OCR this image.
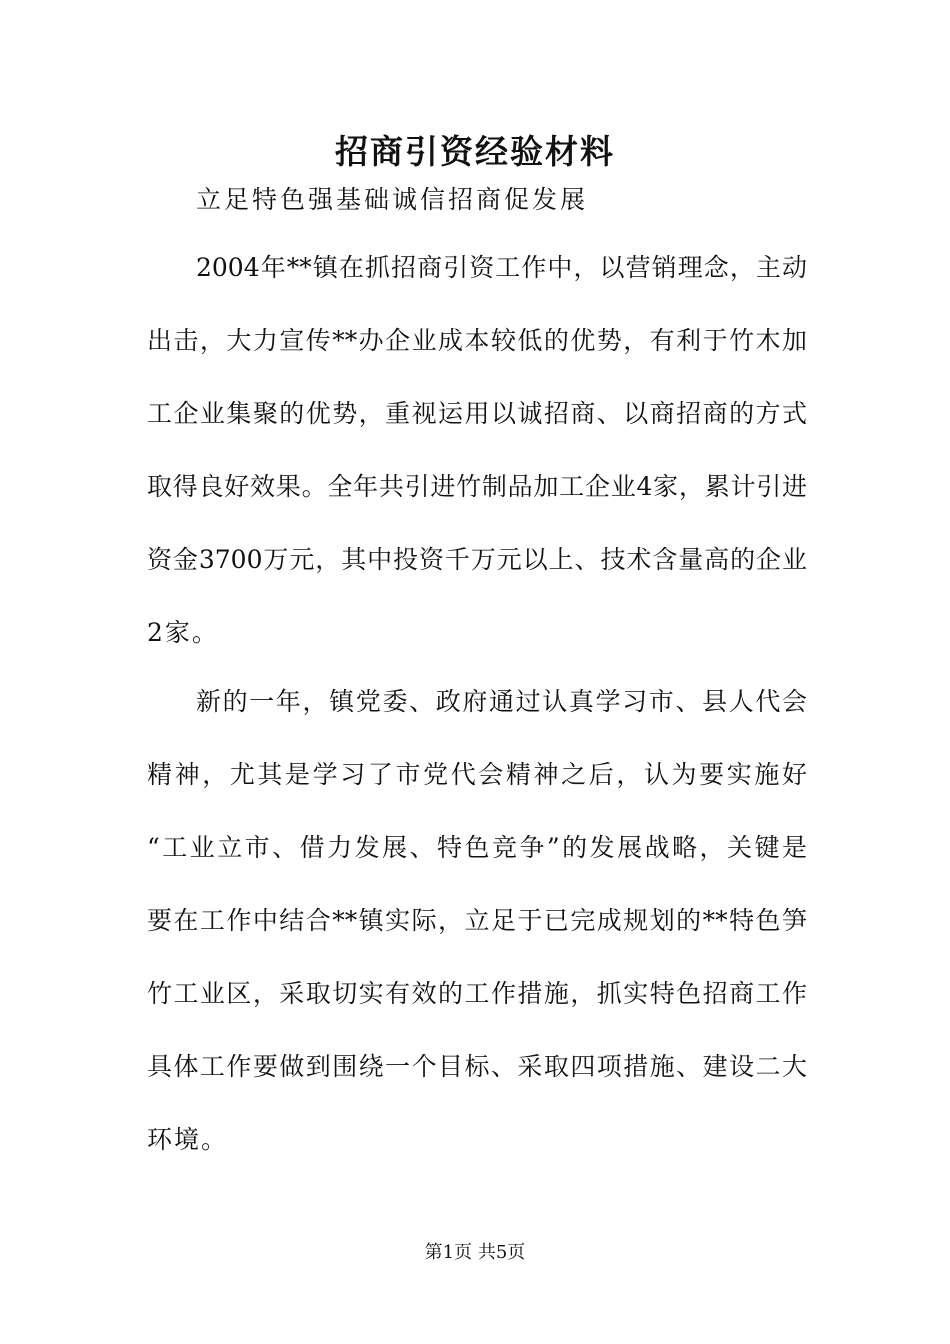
招商引资经验材料

立足特色强基础诚信招商促发展

2004年**镇在抓招商引资工作中，以营销理念，主动

出击，大力宣传**办企业成本较低的优势，有利于竹木加

工企业集聚的优势，重视运用以诚招商、以商招商的方式

取得良好效果。全年共引进竹制品加工企业4家，累计引进

资金3700万元，其中投资千万元以上、技术含量高的企业

2家。

新的一年，镇党委、政府通过认真学习市、县人代会

精神，尤其是学习了市党代会精神之后，认为要实施好

“工业立市、借力发展、特色竞争”的发展战略，关键是

要在工作中结合**镇实际，立足于已完成规划的**特色笋

竹工业区，采取切实有效的工作措施，抓实特色招商工作

具体工作要做到围绕一个目标、采取四项措施、建设二大

环境。

第1页 共5页
